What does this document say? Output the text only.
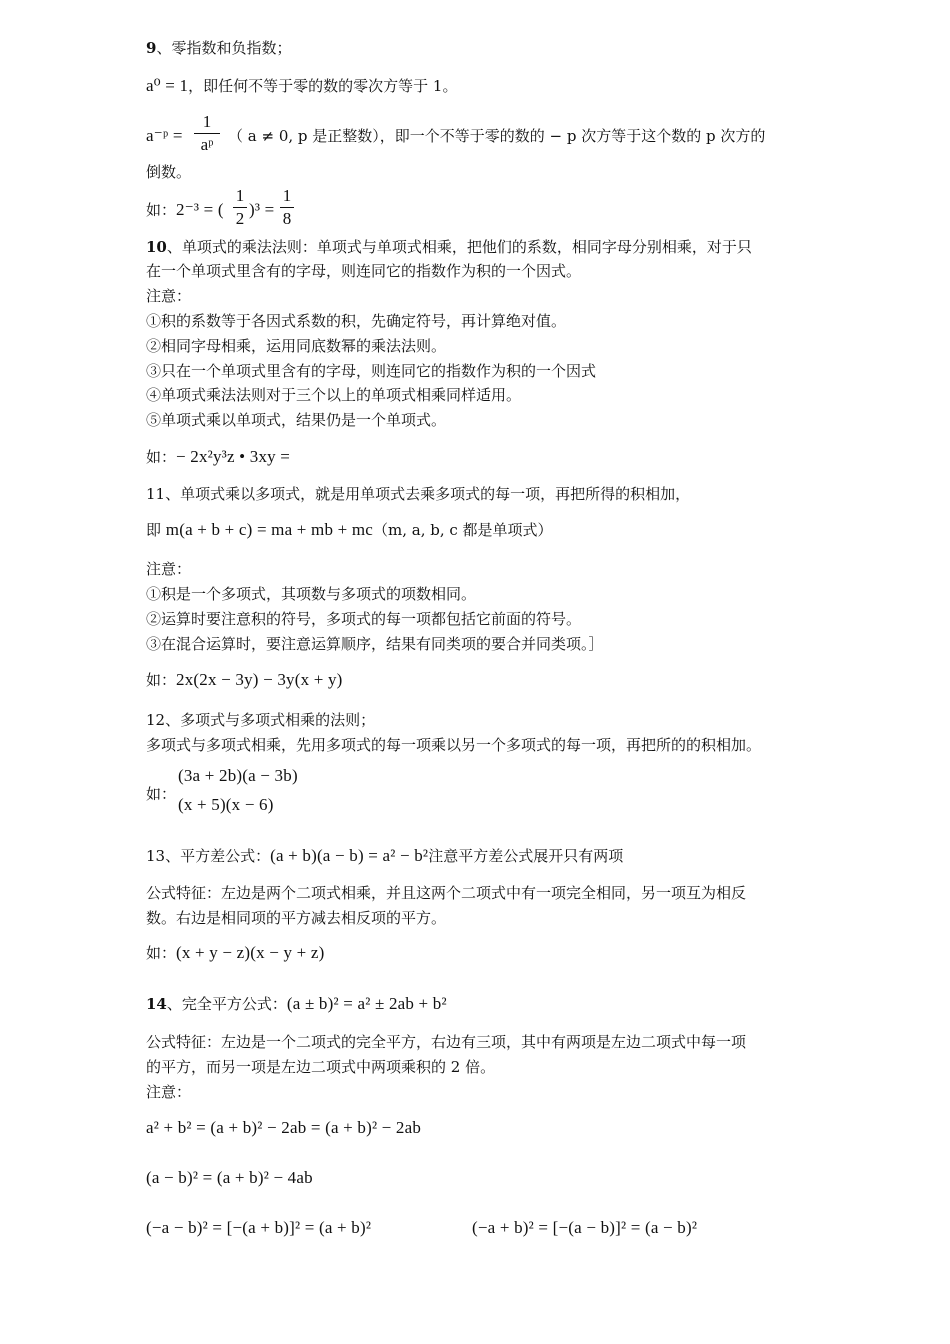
9、零指数和负指数；
a⁰ = 1，即任何不等于零的数的零次方等于 1。
a⁻ᵖ =
1
aᵖ （ a ≠ 0, p 是正整数），即一个不等于零的数的 − p 次方等于这个数的 p 次方的
倒数。
如：2⁻³ = (
1
2 )³ =
1
8
10、单项式的乘法法则：单项式与单项式相乘，把他们的系数，相同字母分别相乘，对于只
在一个单项式里含有的字母，则连同它的指数作为积的一个因式。
注意：
①积的系数等于各因式系数的积，先确定符号，再计算绝对值。
②相同字母相乘，运用同底数幂的乘法法则。
③只在一个单项式里含有的字母，则连同它的指数作为积的一个因式
④单项式乘法法则对于三个以上的单项式相乘同样适用。
⑤单项式乘以单项式，结果仍是一个单项式。
如：− 2x²y³z • 3xy =
11、单项式乘以多项式，就是用单项式去乘多项式的每一项，再把所得的积相加，
即 m(a + b + c) = ma + mb + mc（m, a, b, c 都是单项式）
注意：
①积是一个多项式，其项数与多项式的项数相同。
②运算时要注意积的符号，多项式的每一项都包括它前面的符号。
③在混合运算时，要注意运算顺序，结果有同类项的要合并同类项。］
如：2x(2x − 3y) − 3y(x + y)
12、多项式与多项式相乘的法则；
多项式与多项式相乘，先用多项式的每一项乘以另一个多项式的每一项，再把所的的积相加。
如：
(3a + 2b)(a − 3b)
(x + 5)(x − 6)
13、平方差公式：(a + b)(a − b) = a² − b²注意平方差公式展开只有两项
公式特征：左边是两个二项式相乘，并且这两个二项式中有一项完全相同，另一项互为相反
数。右边是相同项的平方减去相反项的平方。
如：(x + y − z)(x − y + z)
14、完全平方公式：(a ± b)² = a² ± 2ab + b²
公式特征：左边是一个二项式的完全平方，右边有三项，其中有两项是左边二项式中每一项
的平方，而另一项是左边二项式中两项乘积的 2 倍。
注意：
a² + b² = (a + b)² − 2ab = (a + b)² − 2ab
(a − b)² = (a + b)² − 4ab
(−a − b)² = [−(a + b)]² = (a + b)²	(−a + b)² = [−(a − b)]² = (a − b)²
